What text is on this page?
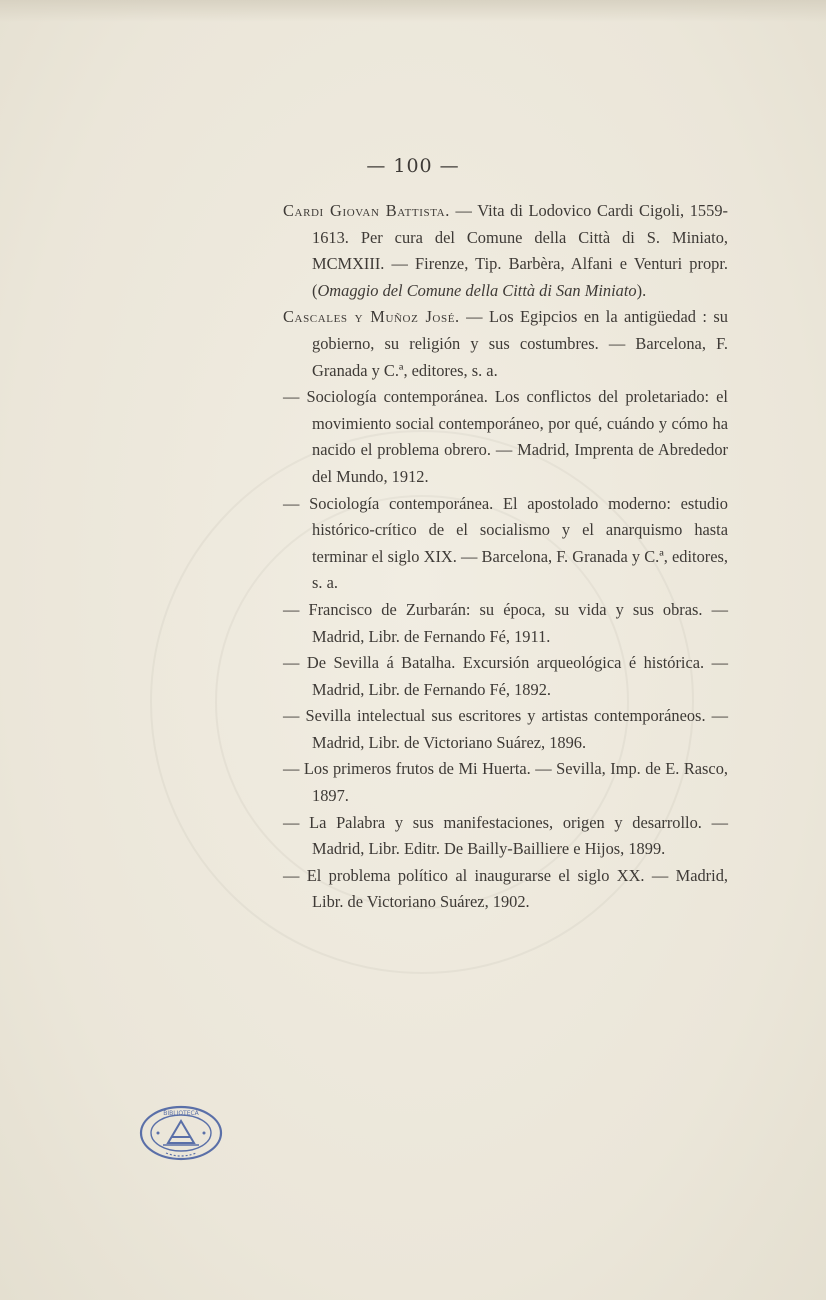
— 100 —

Cardi Giovan Battista. — Vita di Lodovico Cardi Cigoli, 1559-1613. Per cura del Comune della Città di S. Miniato, MCMXIII. — Firenze, Tip. Barbèra, Alfani e Venturi propr. (Omaggio del Comune della Città di San Miniato).

Cascales y Muñoz José. — Los Egipcios en la antigüedad : su gobierno, su religión y sus costumbres. — Barcelona, F. Granada y C.ª, editores, s. a.

— Sociología contemporánea. Los conflictos del proletariado: el movimiento social contemporáneo, por qué, cuándo y cómo ha nacido el problema obrero. — Madrid, Imprenta de Abrededor del Mundo, 1912.

— Sociología contemporánea. El apostolado moderno: estudio histórico-crítico de el socialismo y el anarquismo hasta terminar el siglo XIX. — Barcelona, F. Granada y C.ª, editores, s. a.

— Francisco de Zurbarán: su época, su vida y sus obras. — Madrid, Libr. de Fernando Fé, 1911.

— De Sevilla á Batalha. Excursión arqueológica é histórica. — Madrid, Libr. de Fernando Fé, 1892.

— Sevilla intelectual sus escritores y artistas contemporáneos. — Madrid, Libr. de Victoriano Suárez, 1896.

— Los primeros frutos de Mi Huerta. — Sevilla, Imp. de E. Rasco, 1897.

— La Palabra y sus manifestaciones, origen y desarrollo. — Madrid, Libr. Editr. De Bailly-Bailliere e Hijos, 1899.

— El problema político al inaugurarse el siglo XX. — Madrid, Libr. de Victoriano Suárez, 1902.

BIBLIOTECA
